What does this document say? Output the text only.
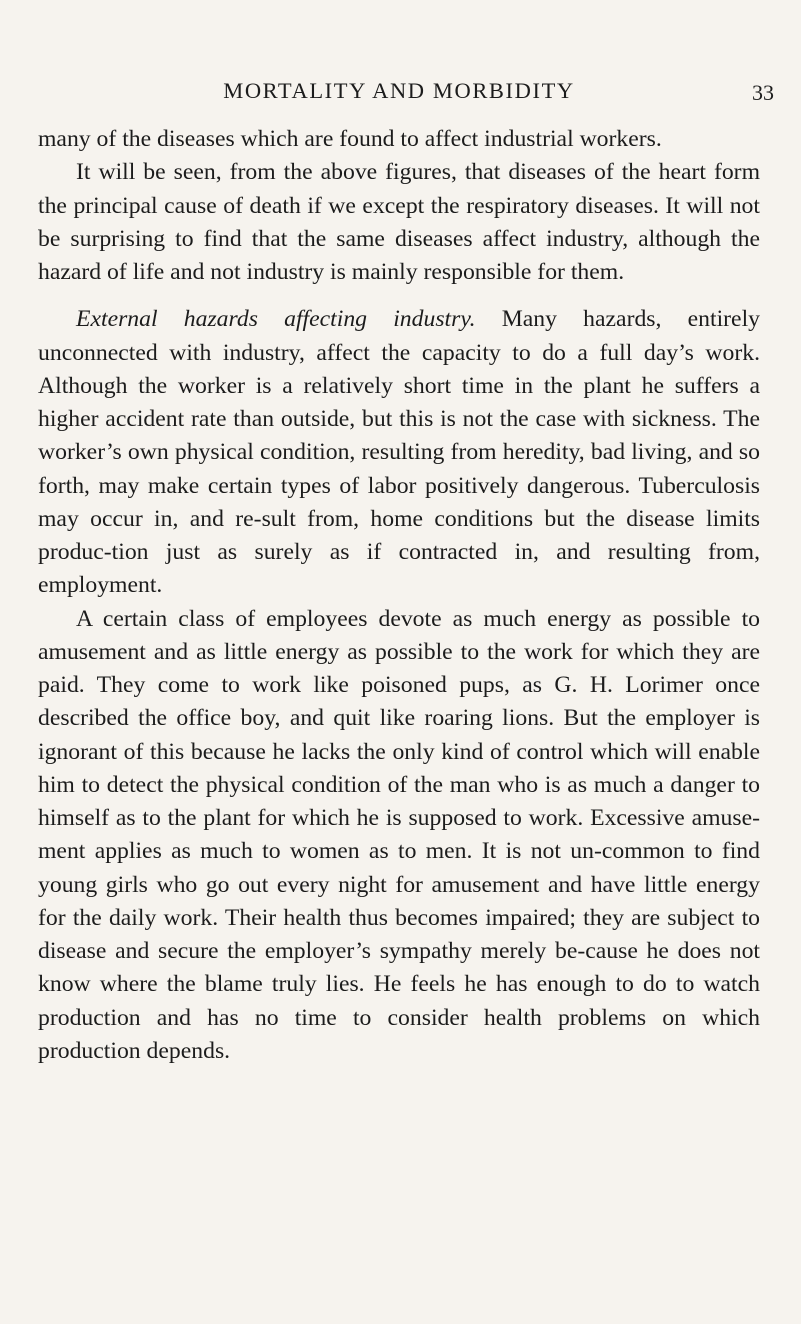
MORTALITY AND MORBIDITY	33

many of the diseases which are found to affect industrial workers.

It will be seen, from the above figures, that diseases of the heart form the principal cause of death if we except the respiratory diseases. It will not be surprising to find that the same diseases affect industry, although the hazard of life and not industry is mainly responsible for them.

External hazards affecting industry. Many hazards, entirely unconnected with industry, affect the capacity to do a full day’s work. Although the worker is a relatively short time in the plant he suffers a higher accident rate than outside, but this is not the case with sickness. The worker’s own physical condition, resulting from heredity, bad living, and so forth, may make certain types of labor positively dangerous. Tuberculosis may occur in, and re-sult from, home conditions but the disease limits produc-tion just as surely as if contracted in, and resulting from, employment.

A certain class of employees devote as much energy as possible to amusement and as little energy as possible to the work for which they are paid. They come to work like poisoned pups, as G. H. Lorimer once described the office boy, and quit like roaring lions. But the employer is ignorant of this because he lacks the only kind of control which will enable him to detect the physical condition of the man who is as much a danger to himself as to the plant for which he is supposed to work. Excessive amuse-ment applies as much to women as to men. It is not un-common to find young girls who go out every night for amusement and have little energy for the daily work. Their health thus becomes impaired; they are subject to disease and secure the employer’s sympathy merely be-cause he does not know where the blame truly lies. He feels he has enough to do to watch production and has no time to consider health problems on which production depends.
